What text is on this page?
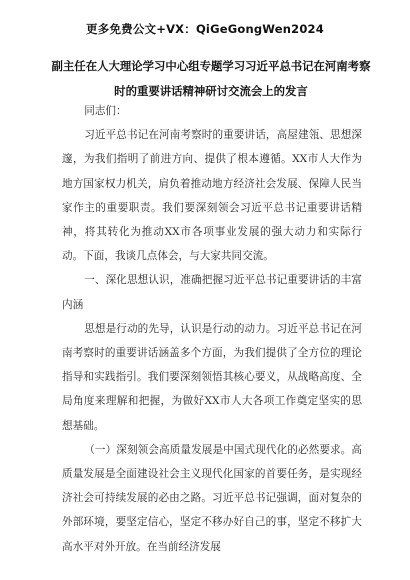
更多免费公文+VX：QiGeGongWen2024
副主任在人大理论学习中心组专题学习习近平总书记在河南考察时的重要讲话精神研讨交流会上的发言

同志们：

习近平总书记在河南考察时的重要讲话，高屋建瓴、思想深邃，为我们指明了前进方向、提供了根本遵循。XX市人大作为地方国家权力机关，肩负着推动地方经济社会发展、保障人民当家作主的重要职责。我们要深刻领会习近平总书记重要讲话精神，将其转化为推动XX市各项事业发展的强大动力和实际行动。下面，我谈几点体会，与大家共同交流。

一、深化思想认识，准确把握习近平总书记重要讲话的丰富内涵

思想是行动的先导，认识是行动的动力。习近平总书记在河南考察时的重要讲话涵盖多个方面，为我们提供了全方位的理论指导和实践指引。我们要深刻领悟其核心要义，从战略高度、全局角度来理解和把握，为做好XX市人大各项工作奠定坚实的思想基础。

（一）深刻领会高质量发展是中国式现代化的必然要求。高质量发展是全面建设社会主义现代化国家的首要任务，是实现经济社会可持续发展的必由之路。习近平总书记强调，面对复杂的外部环境，要坚定信心，坚定不移办好自己的事，坚定不移扩大高水平对外开放。在当前经济发展
